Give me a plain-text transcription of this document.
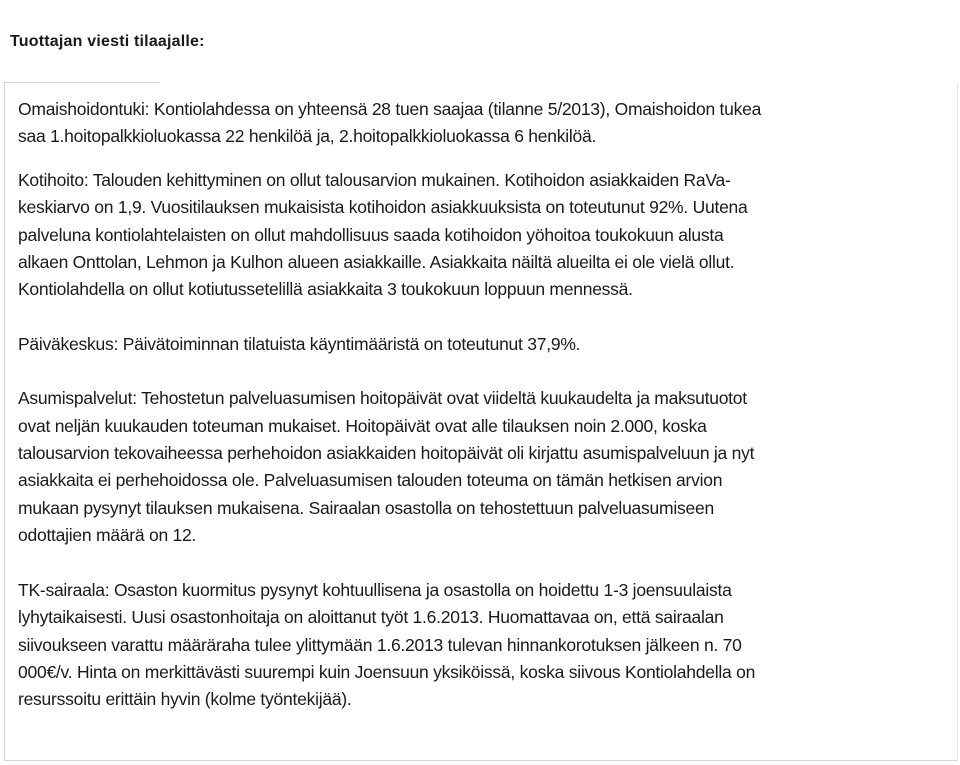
Tuottajan viesti tilaajalle:

Omaishoidontuki: Kontiolahdessa on yhteensä 28 tuen saajaa (tilanne 5/2013), Omaishoidon tukea
saa 1.hoitopalkkioluokassa 22 henkilöä ja, 2.hoitopalkkioluokassa 6 henkilöä.

Kotihoito: Talouden kehittyminen on ollut talousarvion mukainen. Kotihoidon asiakkaiden RaVa-
keskiarvo on 1,9. Vuositilauksen mukaisista kotihoidon asiakkuuksista on toteutunut 92%. Uutena
palveluna kontiolahtelaisten on ollut mahdollisuus saada kotihoidon yöhoitoa toukokuun alusta
alkaen Onttolan, Lehmon ja Kulhon alueen asiakkaille. Asiakkaita näiltä alueilta ei ole vielä ollut.
Kontiolahdella on ollut kotiutussetelillä asiakkaita 3 toukokuun loppuun mennessä.

Päiväkeskus: Päivätoiminnan tilatuista käyntimääristä on toteutunut 37,9%.

Asumispalvelut: Tehostetun palveluasumisen hoitopäivät ovat viideltä kuukaudelta ja maksutuotot
ovat neljän kuukauden toteuman mukaiset. Hoitopäivät ovat alle tilauksen noin 2.000, koska
talousarvion tekovaiheessa perhehoidon asiakkaiden hoitopäivät oli kirjattu asumispalveluun ja nyt
asiakkaita ei perhehoidossa ole. Palveluasumisen talouden toteuma on tämän hetkisen arvion
mukaan pysynyt tilauksen mukaisena. Sairaalan osastolla on tehostettuun palveluasumiseen
odottajien määrä on 12.

TK-sairaala: Osaston kuormitus pysynyt kohtuullisena ja osastolla on hoidettu 1-3 joensuulaista
lyhytaikaisesti. Uusi osastonhoitaja on aloittanut työt 1.6.2013. Huomattavaa on, että sairaalan
siivoukseen varattu määräraha tulee ylittymään 1.6.2013 tulevan hinnankorotuksen jälkeen n. 70
000€/v. Hinta on merkittävästi suurempi kuin Joensuun yksiköissä, koska siivous Kontiolahdella on
resurssoitu erittäin hyvin (kolme työntekijää).
